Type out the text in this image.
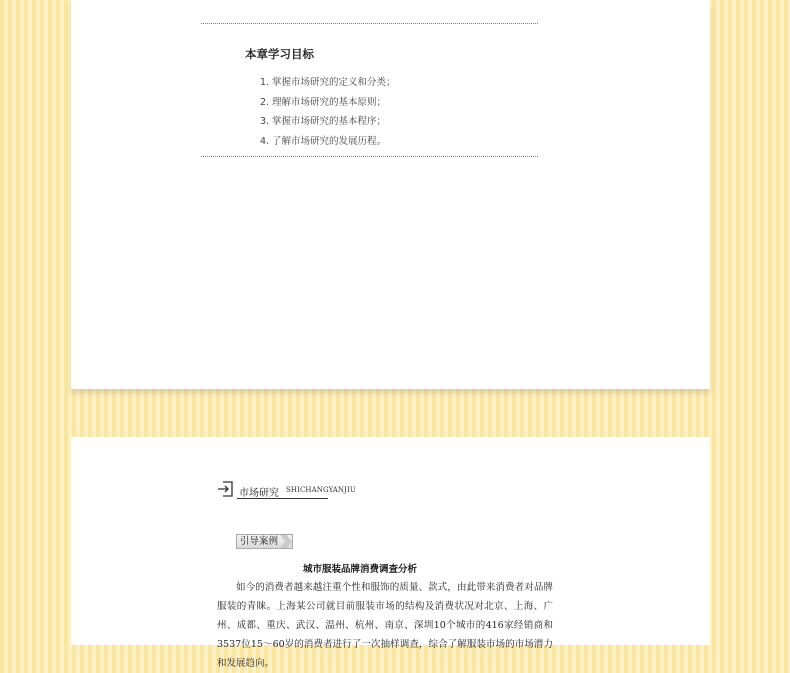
本章学习目标
1. 掌握市场研究的定义和分类；
2. 理解市场研究的基本原则；
3. 掌握市场研究的基本程序；
4. 了解市场研究的发展历程。
市场研究 SHICHANGYANJIU
引导案例
城市服装品牌消费调查分析

如今的消费者越来越注重个性和服饰的质量、款式，由此带来消费者对品牌服装的青睐。上海某公司就目前服装市场的结构及消费状况对北京、上海、广州、成都、重庆、武汉、温州、杭州、南京、深圳10个城市的416家经销商和3537位15～60岁的消费者进行了一次抽样调查，综合了解服装市场的市场潜力和发展趋向。
